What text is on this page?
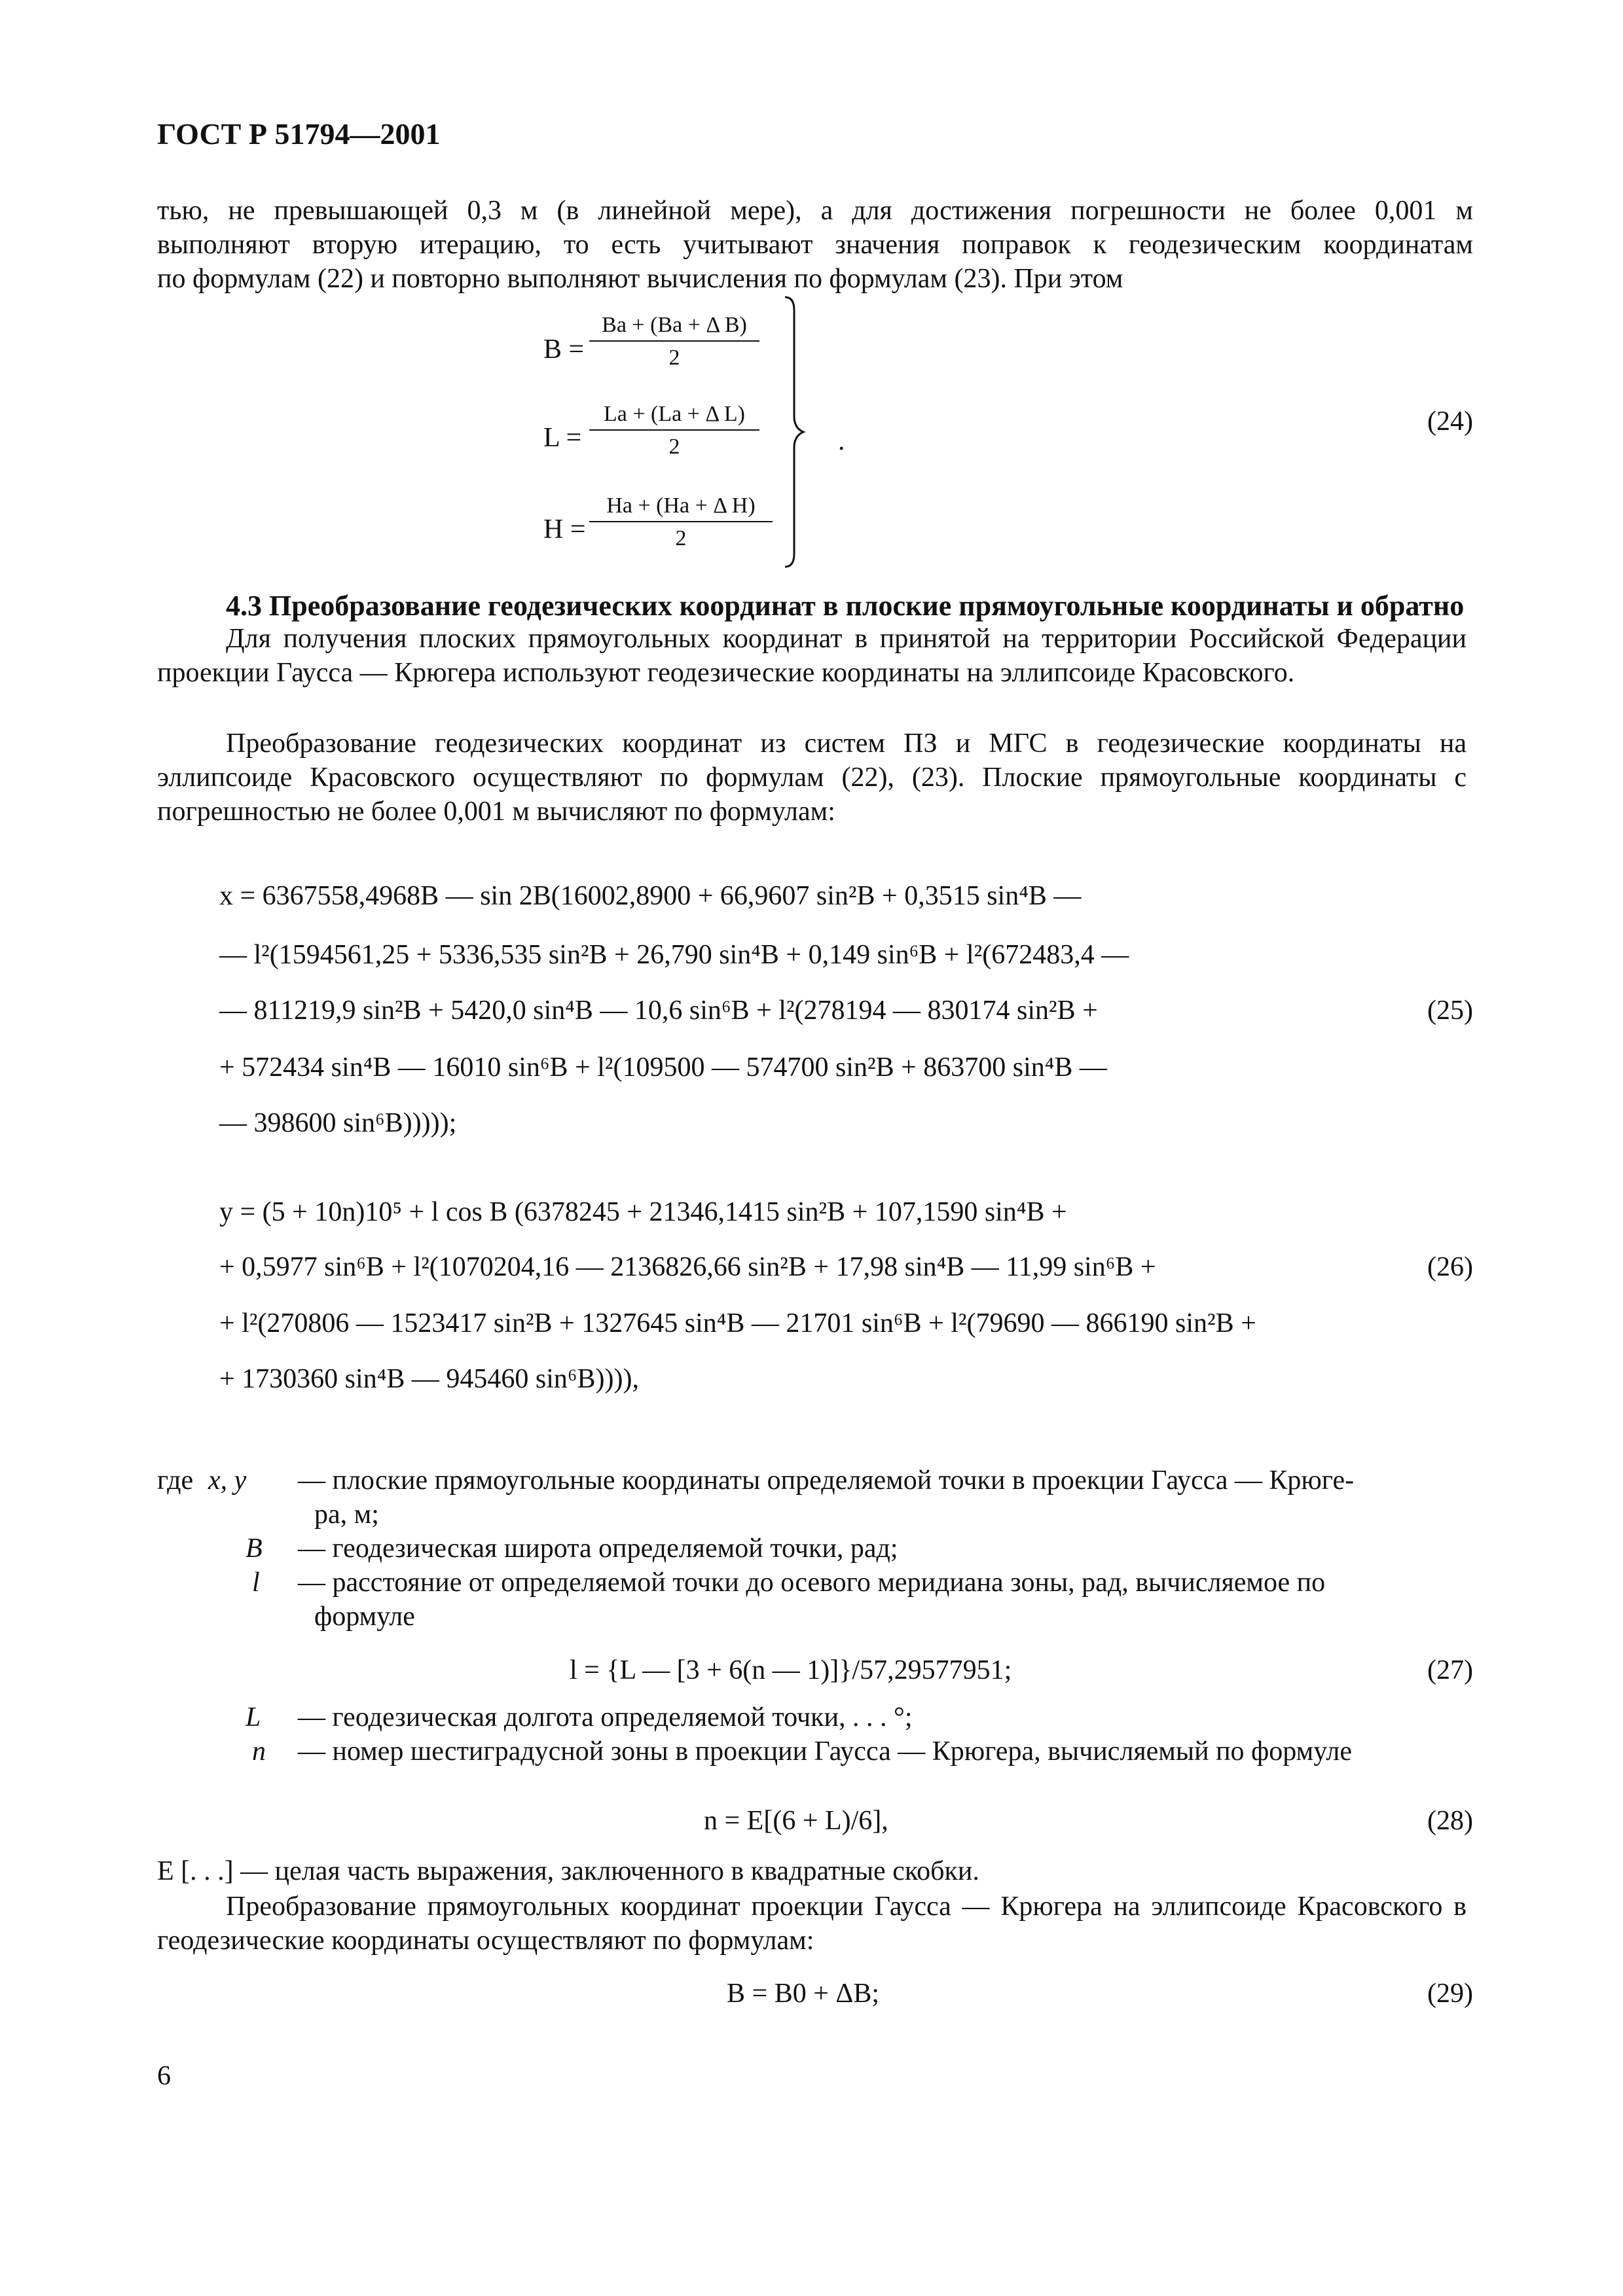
ГОСТ Р 51794—2001
тью, не превышающей 0,3 м (в линейной мере), а для достижения погрешности не более 0,001 м
выполняют вторую итерацию, то есть учитывают значения поправок к геодезическим координатам
по формулам (22) и повторно выполняют вычисления по формулам (23). При этом
$B = \frac{\text{Ba + (Ba + Δ B)}}{2}$
$L = \frac{\text{La + (La + Δ L)}}{2}$
$H = \frac{\text{Ha + (Ha + Δ H)}}{2}$
.
(24)
4.3 Преобразование геодезических координат в плоские прямоугольные координаты и обратно
Для получения плоских прямоугольных координат в принятой на территории Российской Федерации проекции Гаусса — Крюгера используют геодезические координаты на эллипсоиде Красовского.
Преобразование геодезических координат из систем ПЗ и МГС в геодезические координаты на эллипсоиде Красовского осуществляют по формулам (22), (23). Плоские прямоугольные координаты с погрешностью не более 0,001 м вычисляют по формулам:
x = 6367558,4968B — sin 2B(16002,8900 + 66,9607 sin²B + 0,3515 sin⁴B —
— l²(1594561,25 + 5336,535 sin²B + 26,790 sin⁴B + 0,149 sin⁶B + l²(672483,4 —
— 811219,9 sin²B + 5420,0 sin⁴B — 10,6 sin⁶B + l²(278194 — 830174 sin²B +
+ 572434 sin⁴B — 16010 sin⁶B + l²(109500 — 574700 sin²B + 863700 sin⁴B —
— 398600 sin⁶B)))));
(25)
y = (5 + 10n)10⁵ + l cos B (6378245 + 21346,1415 sin²B + 107,1590 sin⁴B +
+ 0,5977 sin⁶B + l²(1070204,16 — 2136826,66 sin²B + 17,98 sin⁴B — 11,99 sin⁶B +
+ l²(270806 — 1523417 sin²B + 1327645 sin⁴B — 21701 sin⁶B + l²(79690 — 866190 sin²B +
+ 1730360 sin⁴B — 945460 sin⁶B)))),
(26)
где x, y — плоские прямоугольные координаты определяемой точки в проекции Гаусса — Крюге-
ра, м;
B — геодезическая широта определяемой точки, рад;
l — расстояние от определяемой точки до осевого меридиана зоны, рад, вычисляемое по
формуле
l = {L — [3 + 6(n — 1)]}/57,29577951;	(27)
L — геодезическая долгота определяемой точки, . . . °;
n — номер шестиградусной зоны в проекции Гаусса — Крюгера, вычисляемый по формуле
n = E[(6 + L)/6],	(28)
E [. . .] — целая часть выражения, заключенного в квадратные скобки.
Преобразование прямоугольных координат проекции Гаусса — Крюгера на эллипсоиде Красовского в геодезические координаты осуществляют по формулам:
B = B0 + ΔB;	(29)
6
